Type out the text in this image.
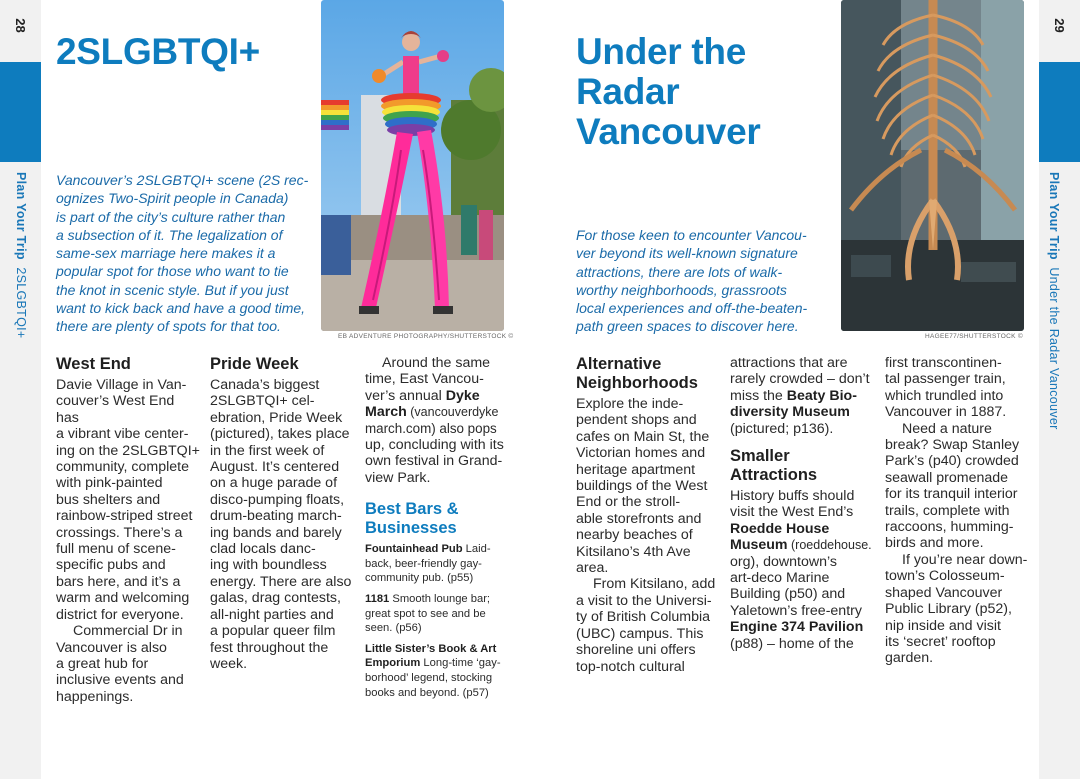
28
Plan Your Trip  2SLGBTQI+
29
Plan Your Trip  Under the Radar Vancouver
2SLGBTQI+
Vancouver’s 2SLGBTQI+ scene (2S rec-
ognizes Two-Spirit people in Canada)
is part of the city’s culture rather than
a subsection of it. The legalization of
same-sex marriage here makes it a
popular spot for those who want to tie
the knot in scenic style. But if you just
want to kick back and have a good time,
there are plenty of spots for that too.
EB ADVENTURE PHOTOGRAPHY/SHUTTERSTOCK ©
West End

Davie Village in Van-

couver’s West End has

a vibrant vibe center-

ing on the 2SLGBTQI+

community, complete

with pink-painted

bus shelters and

rainbow-striped street

crossings. There’s a

full menu of scene-

specific pubs and

bars here, and it’s a

warm and welcoming

district for everyone.

Commercial Dr in

Vancouver is also

a great hub for

inclusive events and

happenings.

Pride Week

Canada’s biggest

2SLGBTQI+ cel-

ebration, Pride Week

(pictured), takes place

in the first week of

August. It’s centered

on a huge parade of

disco-pumping floats,

drum-beating march-

ing bands and barely

clad locals danc-

ing with boundless

energy. There are also

galas, drag contests,

all-night parties and

a popular queer film

fest throughout the

week.

Around the same

time, East Vancou-

ver’s annual Dyke

March (vancouverdyke

march.com) also pops

up, concluding with its

own festival in Grand-

view Park.

Best Bars &
Businesses
Fountainhead Pub Laid-
back, beer-friendly gay-
community pub. (p55)
1181 Smooth lounge bar;
great spot to see and be
seen. (p56)
Little Sister’s Book & Art
Emporium Long-time ‘gay-
borhood’ legend, stocking
books and beyond. (p57)
Under the
Radar
Vancouver
For those keen to encounter Vancou-
ver beyond its well-known signature
attractions, there are lots of walk-
worthy neighborhoods, grassroots
local experiences and off-the-beaten-
path green spaces to discover here.
HAGEE77/SHUTTERSTOCK ©
Alternative
Neighborhoods

Explore the inde-

pendent shops and

cafes on Main St, the

Victorian homes and

heritage apartment

buildings of the West

End or the stroll-

able storefronts and

nearby beaches of

Kitsilano’s 4th Ave

area.

From Kitsilano, add

a visit to the Universi-

ty of British Columbia

(UBC) campus. This

shoreline uni offers

top-notch cultural

attractions that are

rarely crowded – don’t

miss the Beaty Bio-

diversity Museum

(pictured; p136).

Smaller
Attractions

History buffs should

visit the West End’s

Roedde House

Museum (roeddehouse.

org), downtown’s

art-deco Marine

Building (p50) and

Yaletown’s free-entry

Engine 374 Pavilion

(p88) – home of the

first transcontinen-

tal passenger train,

which trundled into

Vancouver in 1887.

Need a nature

break? Swap Stanley

Park’s (p40) crowded

seawall promenade

for its tranquil interior

trails, complete with

raccoons, humming-

birds and more.

If you’re near down-

town’s Colosseum-

shaped Vancouver

Public Library (p52),

nip inside and visit

its ‘secret’ rooftop

garden.
